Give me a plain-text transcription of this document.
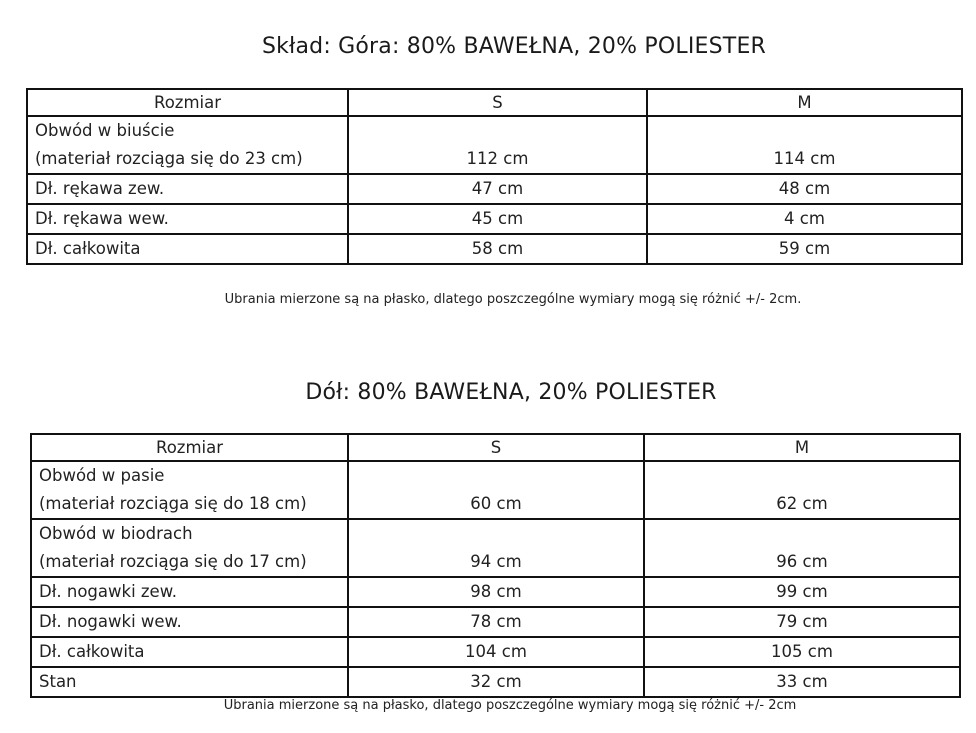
Skład: Góra: 80% BAWEŁNA, 20% POLIESTER
Rozmiar	S	M

Obwód w biuście
(materiał rozciąga się do 23 cm)	112 cm	114 cm

Dł. rękawa zew.	47 cm	48 cm

Dł. rękawa wew.	45 cm	4 cm

Dł. całkowita	58 cm	59 cm
Ubrania mierzone są na płasko, dlatego poszczególne wymiary mogą się różnić +/- 2cm.
Dół: 80% BAWEŁNA, 20% POLIESTER
Rozmiar	S	M

Obwód w pasie
(materiał rozciąga się do 18 cm)	60 cm	62 cm

Obwód w biodrach
(materiał rozciąga się do 17 cm)	94 cm	96 cm

Dł. nogawki zew.	98 cm	99 cm

Dł. nogawki wew.	78 cm	79 cm

Dł. całkowita	104 cm	105 cm

Stan	32 cm	33 cm
Ubrania mierzone są na płasko, dlatego poszczególne wymiary mogą się różnić +/- 2cm
